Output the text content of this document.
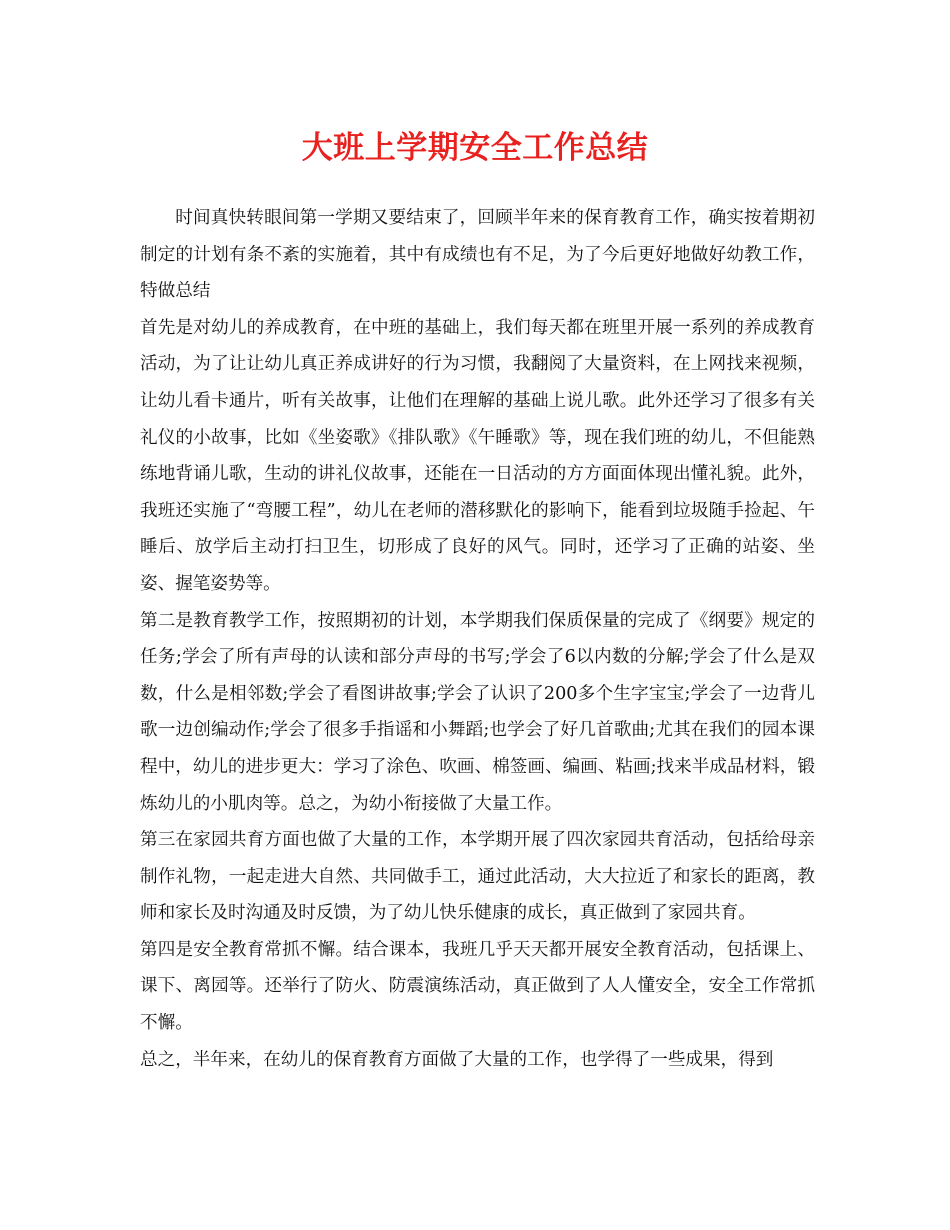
大班上学期安全工作总结

时间真快转眼间第一学期又要结束了，回顾半年来的保育教育工作，确实按着期初制定的计划有条不紊的实施着，其中有成绩也有不足，为了今后更好地做好幼教工作，特做总结

首先是对幼儿的养成教育，在中班的基础上，我们每天都在班里开展一系列的养成教育活动，为了让让幼儿真正养成讲好的行为习惯，我翻阅了大量资料，在上网找来视频，让幼儿看卡通片，听有关故事，让他们在理解的基础上说儿歌。此外还学习了很多有关礼仪的小故事，比如《坐姿歌》《排队歌》《午睡歌》等，现在我们班的幼儿，不但能熟练地背诵儿歌，生动的讲礼仪故事，还能在一日活动的方方面面体现出懂礼貌。此外，我班还实施了“弯腰工程”，幼儿在老师的潜移默化的影响下，能看到垃圾随手捡起、午睡后、放学后主动打扫卫生，切形成了良好的风气。同时，还学习了正确的站姿、坐姿、握笔姿势等。

第二是教育教学工作，按照期初的计划，本学期我们保质保量的完成了《纲要》规定的任务;学会了所有声母的认读和部分声母的书写;学会了6以内数的分解;学会了什么是双数，什么是相邻数;学会了看图讲故事;学会了认识了200多个生字宝宝;学会了一边背儿歌一边创编动作;学会了很多手指谣和小舞蹈;也学会了好几首歌曲;尤其在我们的园本课程中，幼儿的进步更大：学习了涂色、吹画、棉签画、编画、粘画;找来半成品材料，锻炼幼儿的小肌肉等。总之，为幼小衔接做了大量工作。

第三在家园共育方面也做了大量的工作，本学期开展了四次家园共育活动，包括给母亲制作礼物，一起走进大自然、共同做手工，通过此活动，大大拉近了和家长的距离，教师和家长及时沟通及时反馈，为了幼儿快乐健康的成长，真正做到了家园共育。

第四是安全教育常抓不懈。结合课本，我班几乎天天都开展安全教育活动，包括课上、课下、离园等。还举行了防火、防震演练活动，真正做到了人人懂安全，安全工作常抓不懈。

总之，半年来，在幼儿的保育教育方面做了大量的工作，也学得了一些成果，得到
